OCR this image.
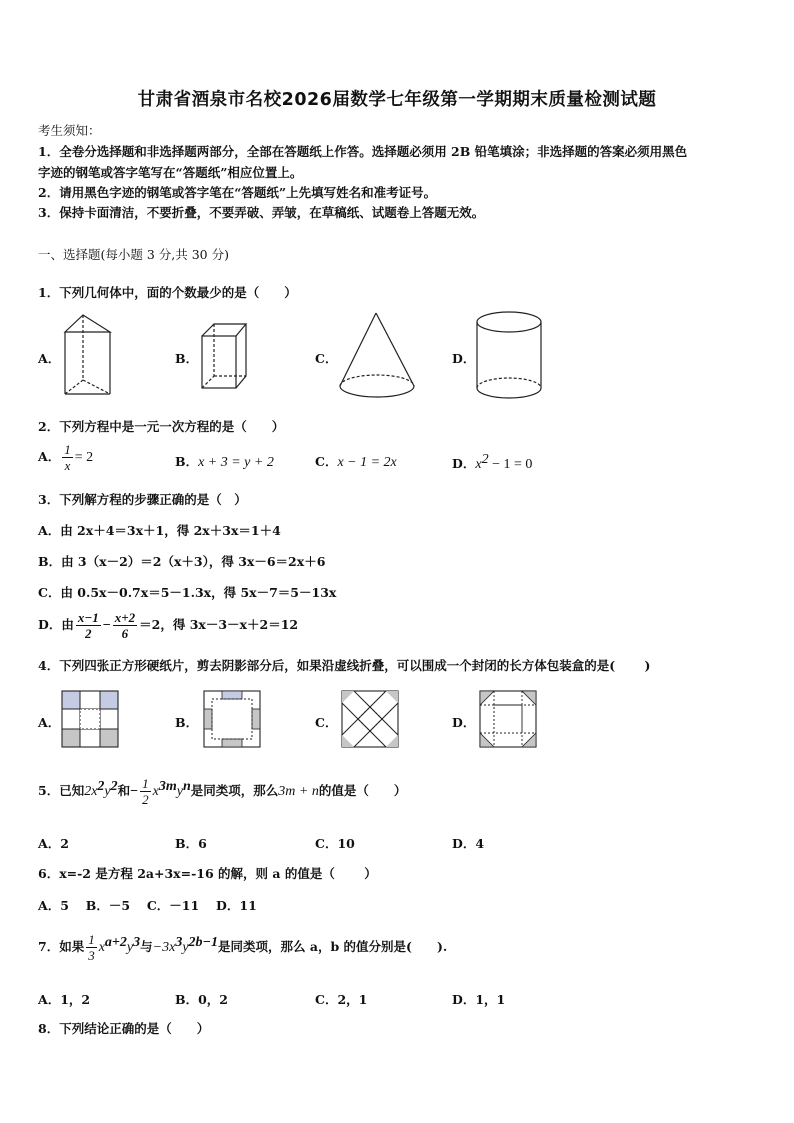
甘肃省酒泉市名校2026届数学七年级第一学期期末质量检测试题
考生须知：
1．全卷分选择题和非选择题两部分，全部在答题纸上作答。选择题必须用 2B 铅笔填涂；非选择题的答案必须用黑色
字迹的钢笔或答字笔写在“答题纸”相应位置上。
2．请用黑色字迹的钢笔或答字笔在“答题纸”上先填写姓名和准考证号。
3．保持卡面清洁，不要折叠，不要弄破、弄皱，在草稿纸、试题卷上答题无效。
一、选择题(每小题 3 分,共 30 分)
1．下列几何体中，面的个数最少的是（　　）
A．	B．	C．	D．
2．下列方程中是一元一次方程的是（　　）
A． $\frac{1}{x} = 2$	B．x + 3 = y + 2	C．x − 1 = 2x	D．$x^2 - 1 = 0$
3．下列解方程的步骤正确的是（　）
A．由 2x＋4＝3x＋1，得 2x＋3x＝1＋4
B．由 3（x－2）＝2（x＋3），得 3x－6＝2x＋6
C．由 0.5x－0.7x＝5－1.3x，得 5x－7＝5－13x
D．由 $\frac{x-1}{2} - \frac{x+2}{6} =2$，得 3x－3－x＋2＝12
4．下列四张正方形硬纸片，剪去阴影部分后，如果沿虚线折叠，可以围成一个封闭的长方体包装盒的是(　　 )
A．	B．	C．	D．
5．已知$2x^2y^2$和− $\frac{1}{2} x^{3m}y^n$是同类项，那么3m + n的值是（　　）
A．2	B．6	C．10	D．4
6．x=-2 是方程 2a+3x=-16 的解，则 a 的值是（　　 ）
A．5　 B．－5　 C．－11　 D．11
7．如果 $\frac{1}{3} x^{a+2}y^3$与$-3x^3y^{2b-1}$是同类项，那么 a，b 的值分别是(　　).
A．1，2	B．0，2	C．2，1	D．1，1
8．下列结论正确的是（　　）
